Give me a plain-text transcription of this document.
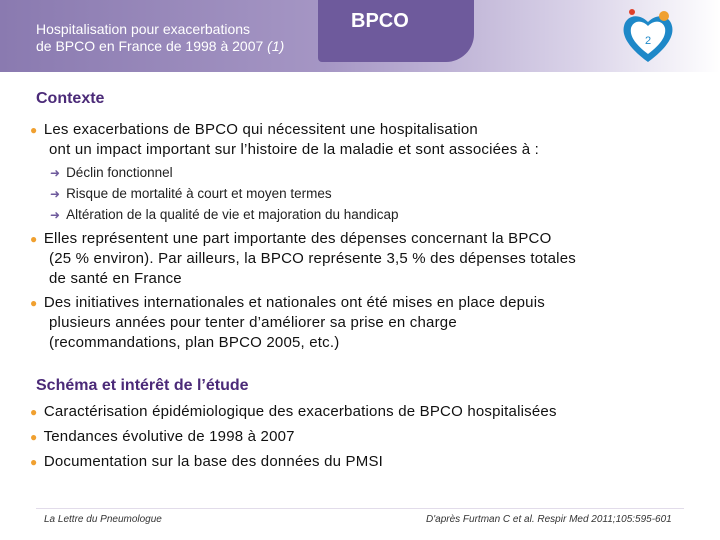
Hospitalisation pour exacerbations
de BPCO en France de 1998 à 2007 (1)
BPCO
2
Contexte
● Les exacerbations de BPCO qui nécessitent une hospitalisation
ont un impact important sur l’histoire de la maladie et sont associées à :
➜ Déclin fonctionnel
➜ Risque de mortalité à court et moyen termes
➜ Altération de la qualité de vie et majoration du handicap
● Elles représentent une part importante des dépenses concernant la BPCO
(25 % environ). Par ailleurs, la BPCO représente 3,5 % des dépenses totales
de santé en France
● Des initiatives internationales et nationales ont été mises en place depuis
plusieurs années pour tenter d’améliorer sa prise en charge
(recommandations, plan BPCO 2005, etc.)
Schéma et intérêt de l’étude
● Caractérisation épidémiologique des exacerbations de BPCO hospitalisées
● Tendances évolutive de 1998 à 2007
● Documentation sur la base des données du PMSI
La Lettre du Pneumologue	D'après Furtman C et al. Respir Med 2011;105:595-601
